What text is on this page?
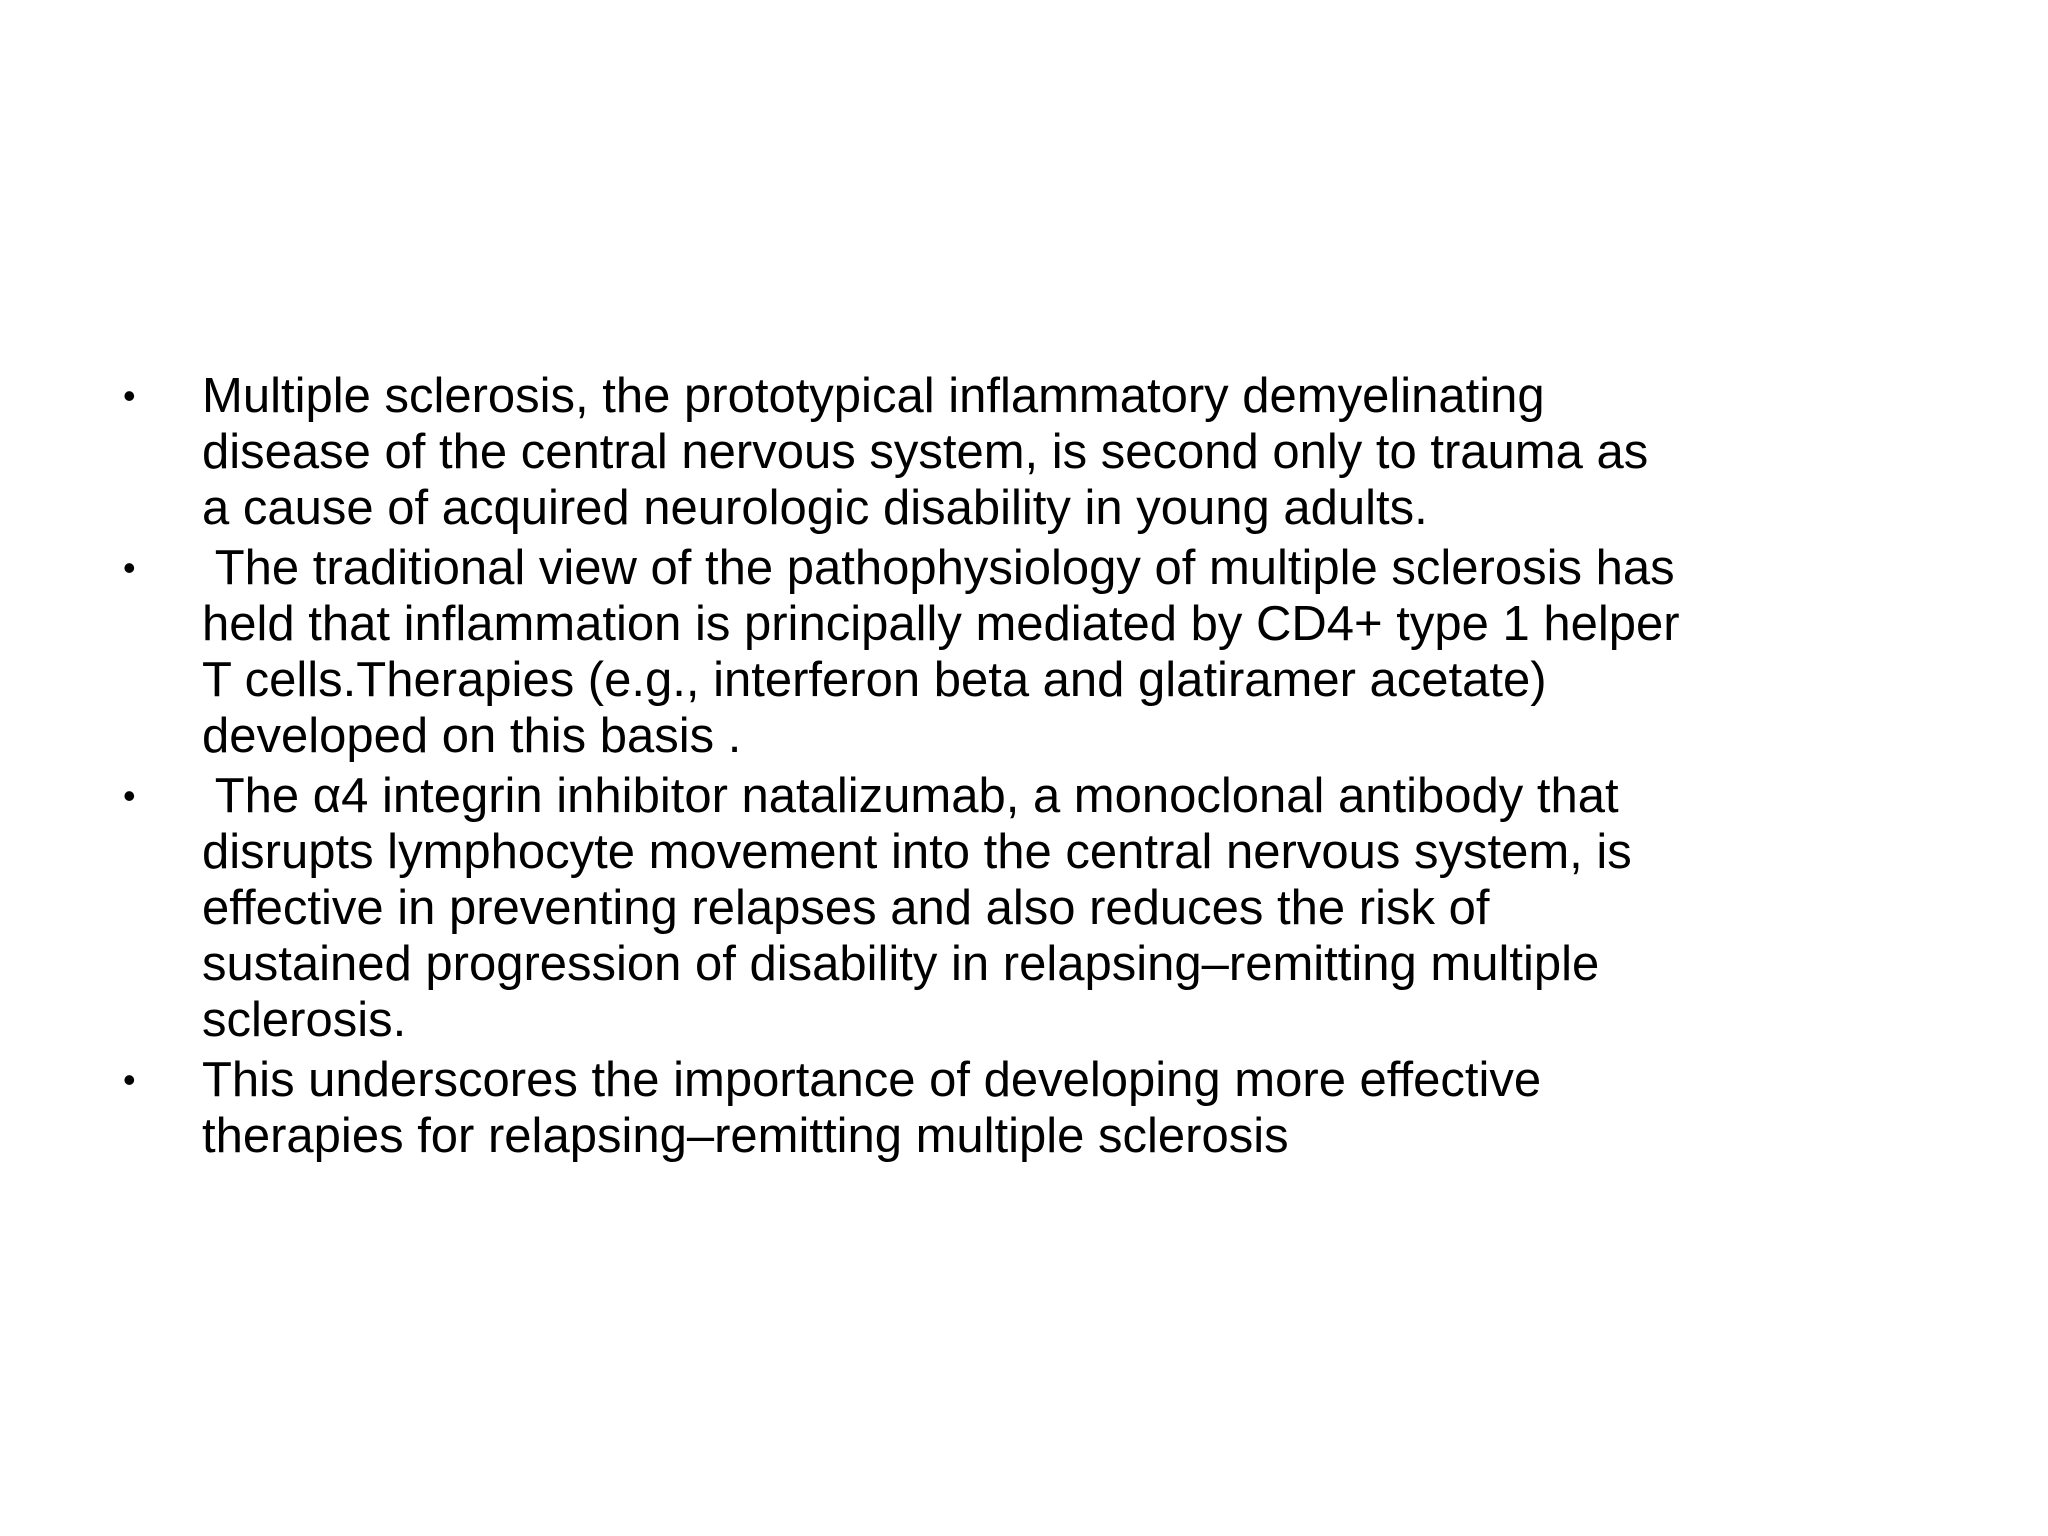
• Multiple sclerosis, the prototypical inflammatory demyelinating
disease of the central nervous system, is second only to trauma as
a cause of acquired neurologic disability in young adults.
• The traditional view of the pathophysiology of multiple sclerosis has
held that inflammation is principally mediated by CD4+ type 1 helper
T cells.Therapies (e.g., interferon beta and glatiramer acetate)
developed on this basis .
• The α4 integrin inhibitor natalizumab, a monoclonal antibody that
disrupts lymphocyte movement into the central nervous system, is
effective in preventing relapses and also reduces the risk of
sustained progression of disability in relapsing–remitting multiple
sclerosis.
• This underscores the importance of developing more effective
therapies for relapsing–remitting multiple sclerosis
